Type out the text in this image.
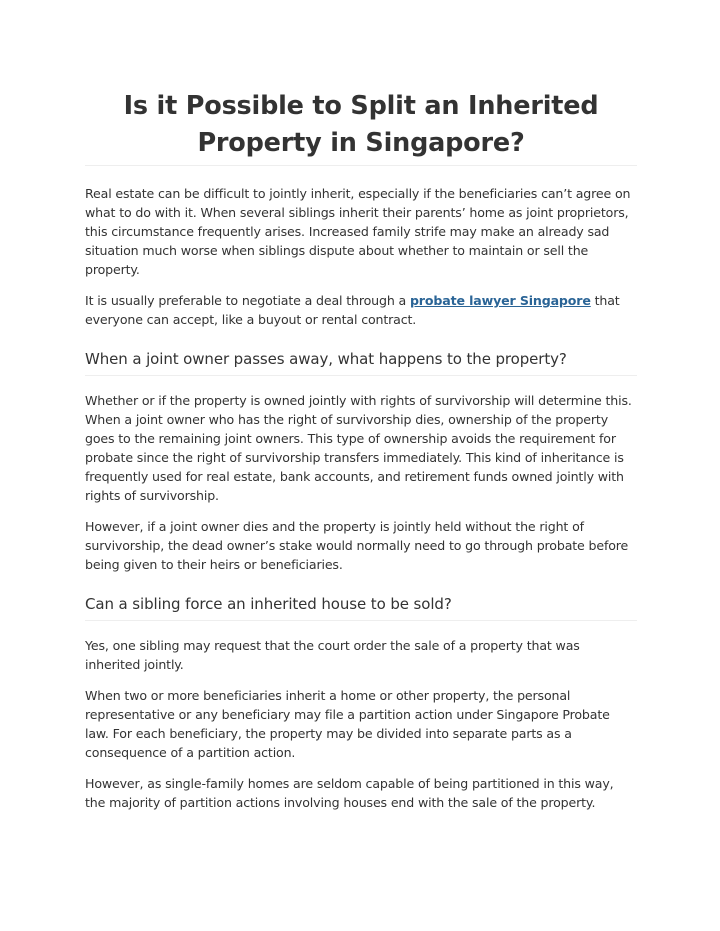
Is it Possible to Split an Inherited Property in Singapore?

Real estate can be difficult to jointly inherit, especially if the beneficiaries can’t agree on what to do with it. When several siblings inherit their parents’ home as joint proprietors, this circumstance frequently arises. Increased family strife may make an already sad situation much worse when siblings dispute about whether to maintain or sell the property.

It is usually preferable to negotiate a deal through a probate lawyer Singapore that everyone can accept, like a buyout or rental contract.

When a joint owner passes away, what happens to the property?

Whether or if the property is owned jointly with rights of survivorship will determine this. When a joint owner who has the right of survivorship dies, ownership of the property goes to the remaining joint owners. This type of ownership avoids the requirement for probate since the right of survivorship transfers immediately. This kind of inheritance is frequently used for real estate, bank accounts, and retirement funds owned jointly with rights of survivorship.

However, if a joint owner dies and the property is jointly held without the right of survivorship, the dead owner’s stake would normally need to go through probate before being given to their heirs or beneficiaries.

Can a sibling force an inherited house to be sold?

Yes, one sibling may request that the court order the sale of a property that was inherited jointly.

When two or more beneficiaries inherit a home or other property, the personal representative or any beneficiary may file a partition action under Singapore Probate law. For each beneficiary, the property may be divided into separate parts as a consequence of a partition action.

However, as single-family homes are seldom capable of being partitioned in this way, the majority of partition actions involving houses end with the sale of the property.
